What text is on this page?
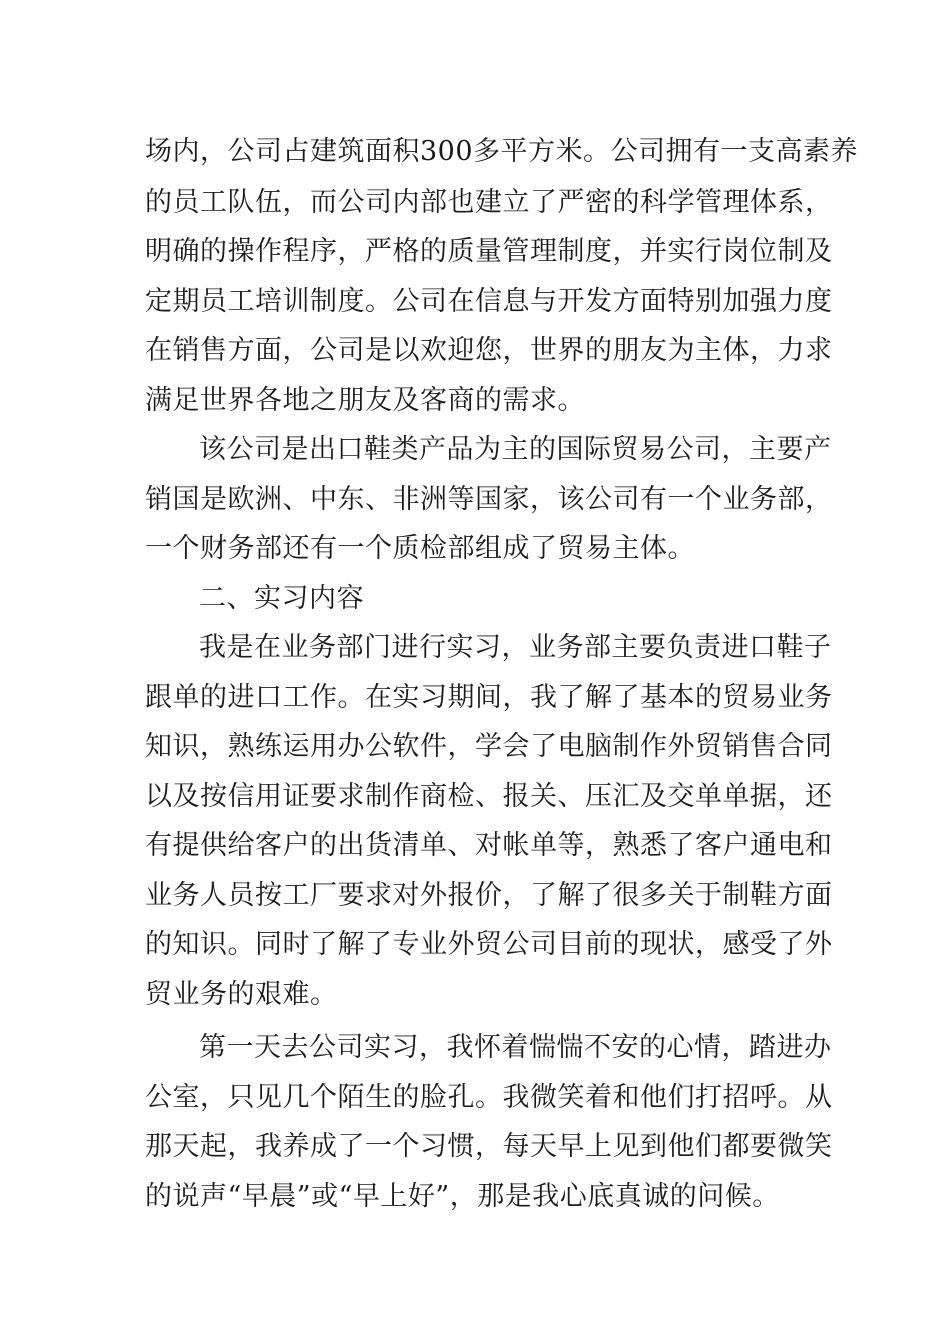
场内，公司占建筑面积300多平方米。公司拥有一支高素养

的员工队伍，而公司内部也建立了严密的科学管理体系，

明确的操作程序，严格的质量管理制度，并实行岗位制及

定期员工培训制度。公司在信息与开发方面特别加强力度

在销售方面，公司是以欢迎您，世界的朋友为主体，力求

满足世界各地之朋友及客商的需求。

该公司是出口鞋类产品为主的国际贸易公司，主要产

销国是欧洲、中东、非洲等国家，该公司有一个业务部，

一个财务部还有一个质检部组成了贸易主体。

二、实习内容

我是在业务部门进行实习，业务部主要负责进口鞋子

跟单的进口工作。在实习期间，我了解了基本的贸易业务

知识，熟练运用办公软件，学会了电脑制作外贸销售合同

以及按信用证要求制作商检、报关、压汇及交单单据，还

有提供给客户的出货清单、对帐单等，熟悉了客户通电和

业务人员按工厂要求对外报价，了解了很多关于制鞋方面

的知识。同时了解了专业外贸公司目前的现状，感受了外

贸业务的艰难。

第一天去公司实习，我怀着惴惴不安的心情，踏进办

公室，只见几个陌生的脸孔。我微笑着和他们打招呼。从

那天起，我养成了一个习惯，每天早上见到他们都要微笑

的说声“早晨”或“早上好”，那是我心底真诚的问候。
